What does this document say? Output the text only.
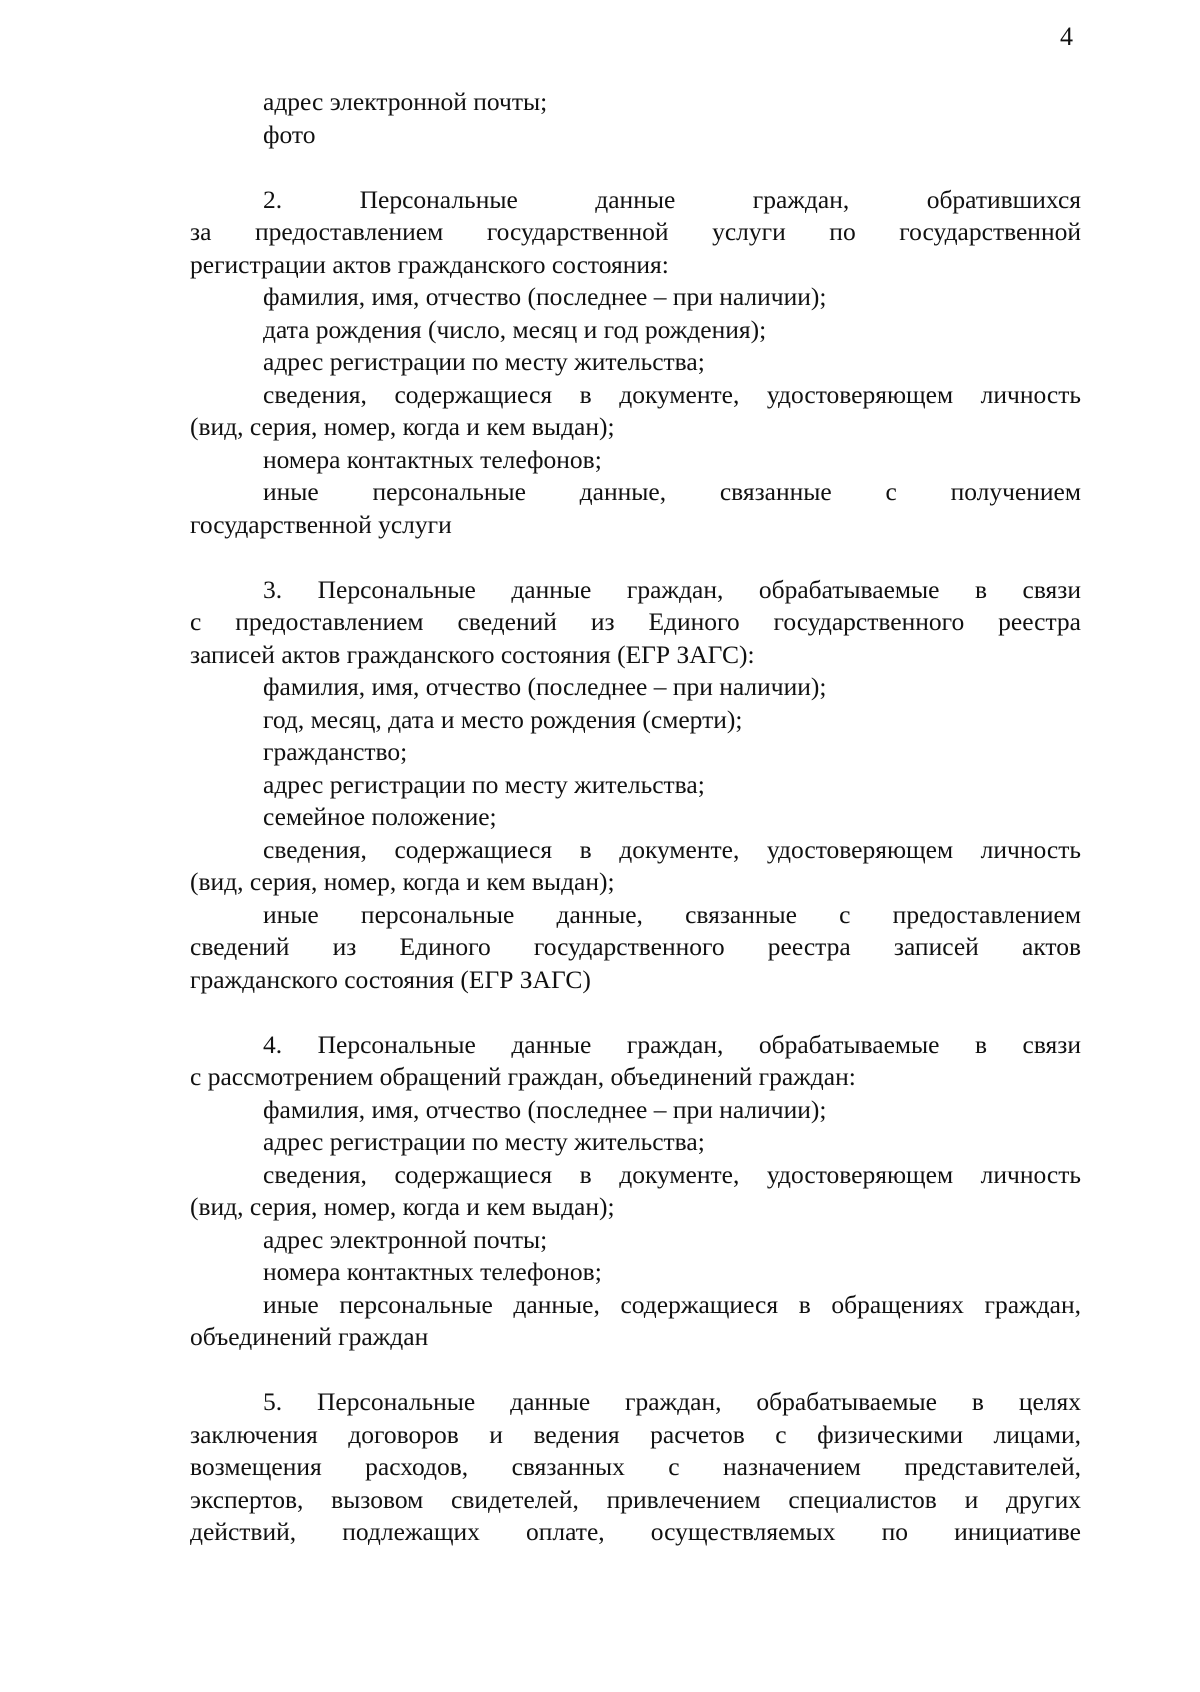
4
адрес электронной почты;
фото
2. Персональные данные граждан, обратившихся
за предоставлением государственной услуги по государственной
регистрации актов гражданского состояния:
фамилия, имя, отчество (последнее – при наличии);
дата рождения (число, месяц и год рождения);
адрес регистрации по месту жительства;
сведения, содержащиеся в документе, удостоверяющем личность
(вид, серия, номер, когда и кем выдан);
номера контактных телефонов;
иные персональные данные, связанные с получением
государственной услуги
3. Персональные данные граждан, обрабатываемые в связи
с предоставлением сведений из Единого государственного реестра
записей актов гражданского состояния (ЕГР ЗАГС):
фамилия, имя, отчество (последнее – при наличии);
год, месяц, дата и место рождения (смерти);
гражданство;
адрес регистрации по месту жительства;
семейное положение;
сведения, содержащиеся в документе, удостоверяющем личность
(вид, серия, номер, когда и кем выдан);
иные персональные данные, связанные с предоставлением
сведений из Единого государственного реестра записей актов
гражданского состояния (ЕГР ЗАГС)
4. Персональные данные граждан, обрабатываемые в связи
с рассмотрением обращений граждан, объединений граждан:
фамилия, имя, отчество (последнее – при наличии);
адрес регистрации по месту жительства;
сведения, содержащиеся в документе, удостоверяющем личность
(вид, серия, номер, когда и кем выдан);
адрес электронной почты;
номера контактных телефонов;
иные персональные данные, содержащиеся в обращениях граждан,
объединений граждан
5. Персональные данные граждан, обрабатываемые в целях
заключения договоров и ведения расчетов с физическими лицами,
возмещения расходов, связанных с назначением представителей,
экспертов, вызовом свидетелей, привлечением специалистов и других
действий, подлежащих оплате, осуществляемых по инициативе
